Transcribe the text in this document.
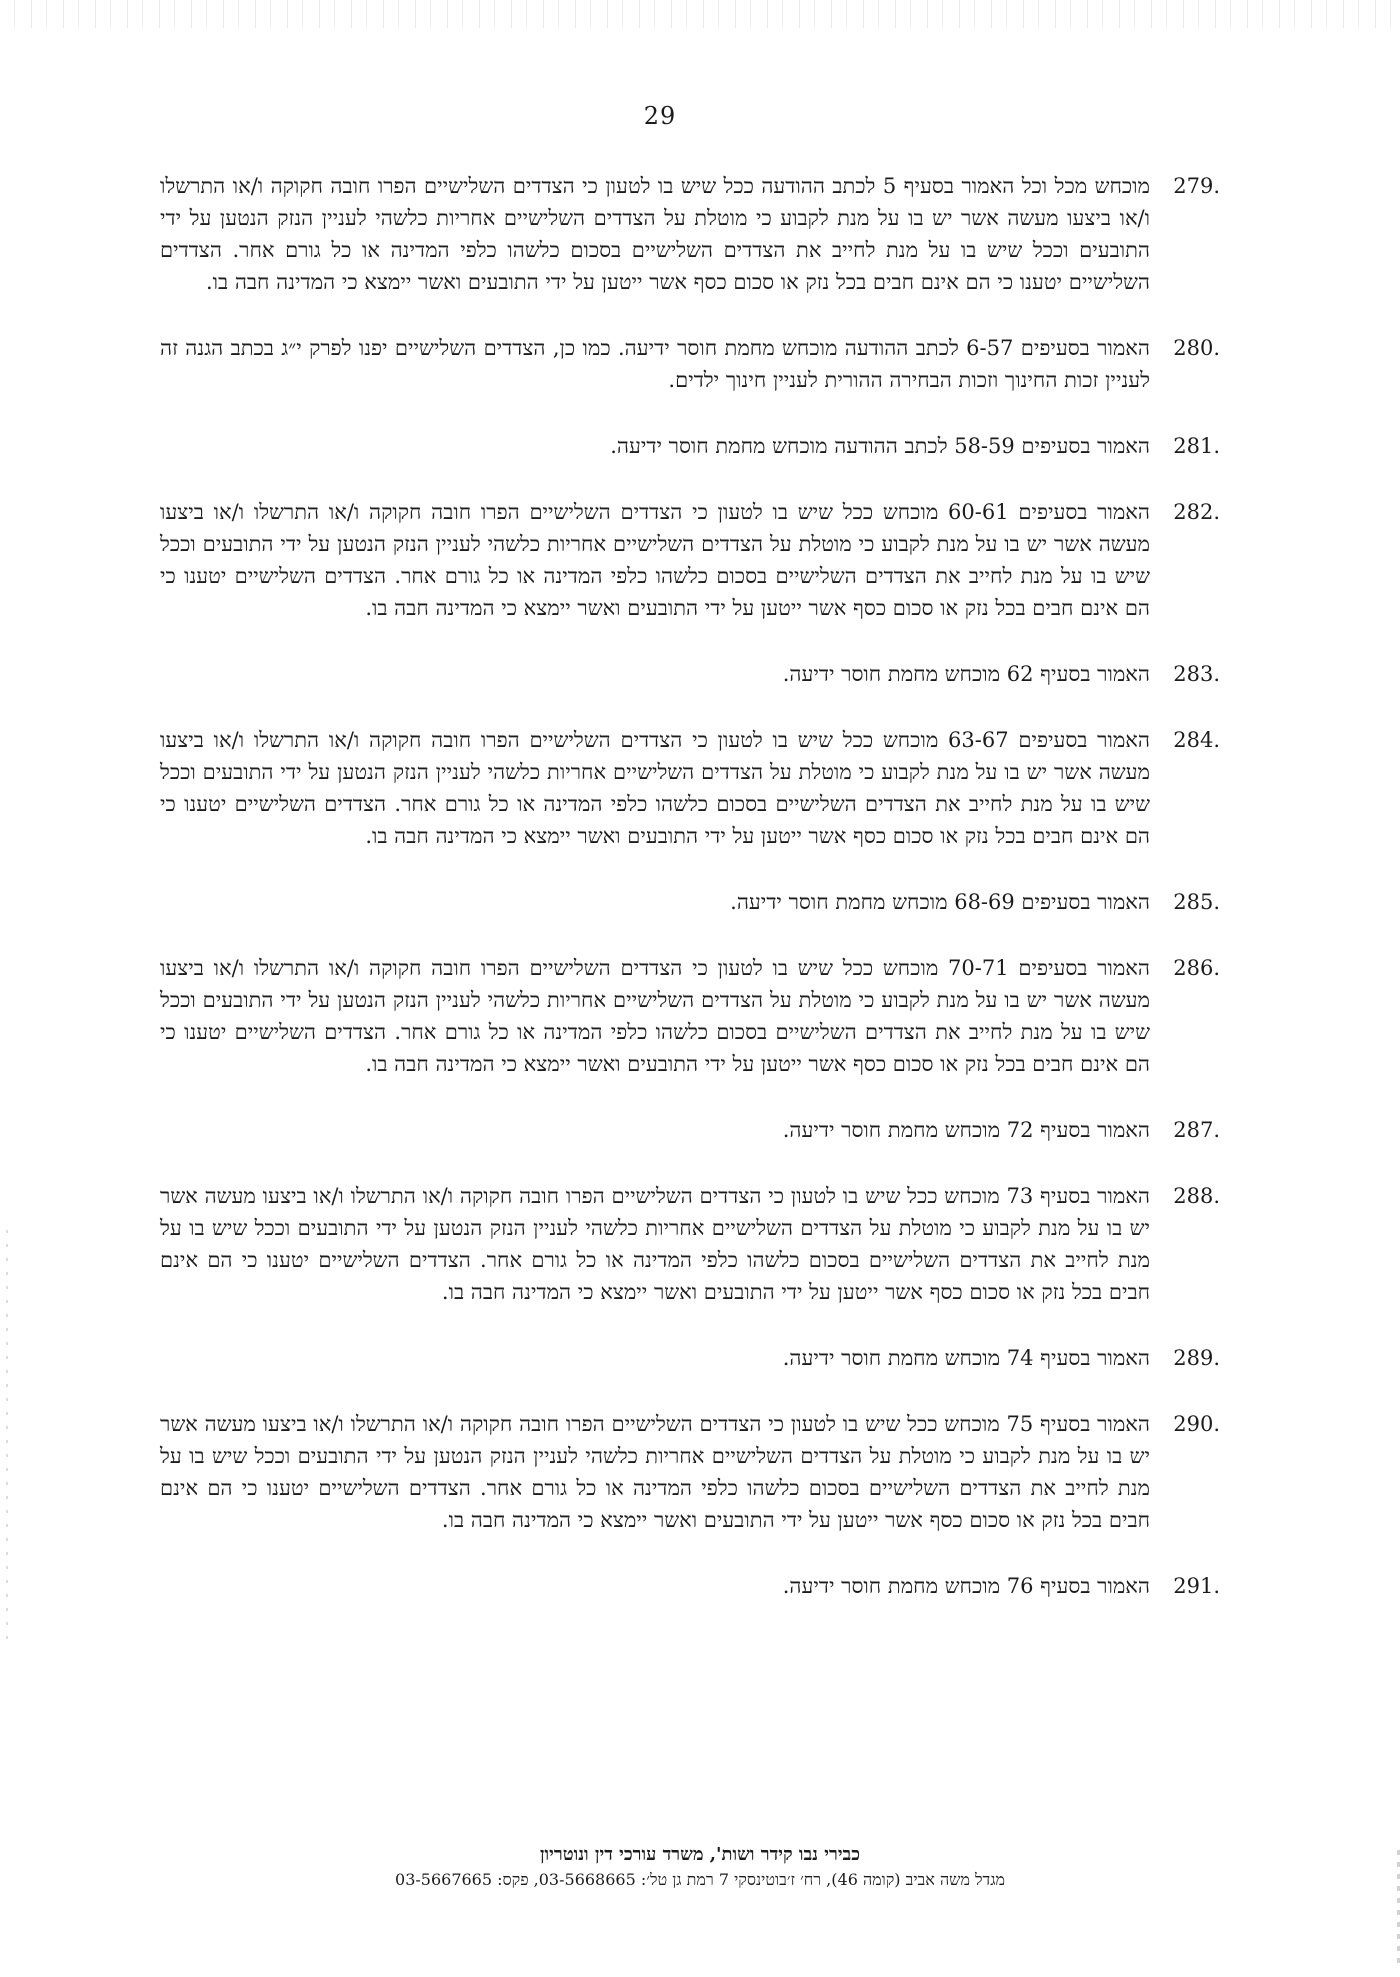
29
279.
מוכחש מכל וכל האמור בסעיף 5 לכתב ההודעה ככל שיש בו לטעון כי הצדדים השלישיים הפרו חובה חקוקה ו/או התרשלו ו/או ביצעו מעשה אשר יש בו על מנת לקבוע כי מוטלת על הצדדים השלישיים אחריות כלשהי לעניין הנזק הנטען על ידי התובעים וככל שיש בו על מנת לחייב את הצדדים השלישיים בסכום כלשהו כלפי המדינה או כל גורם אחר. הצדדים השלישיים יטענו כי הם אינם חבים בכל נזק או סכום כסף אשר ייטען על ידי התובעים ואשר יימצא כי המדינה חבה בו.
280.
האמור בסעיפים 6-57 לכתב ההודעה מוכחש מחמת חוסר ידיעה. כמו כן, הצדדים השלישיים יפנו לפרק י״ג בכתב הגנה זה לעניין זכות החינוך וזכות הבחירה ההורית לעניין חינוך ילדים.
281.
האמור בסעיפים 58-59 לכתב ההודעה מוכחש מחמת חוסר ידיעה.
282.
האמור בסעיפים 60-61 מוכחש ככל שיש בו לטעון כי הצדדים השלישיים הפרו חובה חקוקה ו/או התרשלו ו/או ביצעו מעשה אשר יש בו על מנת לקבוע כי מוטלת על הצדדים השלישיים אחריות כלשהי לעניין הנזק הנטען על ידי התובעים וככל שיש בו על מנת לחייב את הצדדים השלישיים בסכום כלשהו כלפי המדינה או כל גורם אחר. הצדדים השלישיים יטענו כי הם אינם חבים בכל נזק או סכום כסף אשר ייטען על ידי התובעים ואשר יימצא כי המדינה חבה בו.
283.
האמור בסעיף 62 מוכחש מחמת חוסר ידיעה.
284.
האמור בסעיפים 63-67 מוכחש ככל שיש בו לטעון כי הצדדים השלישיים הפרו חובה חקוקה ו/או התרשלו ו/או ביצעו מעשה אשר יש בו על מנת לקבוע כי מוטלת על הצדדים השלישיים אחריות כלשהי לעניין הנזק הנטען על ידי התובעים וככל שיש בו על מנת לחייב את הצדדים השלישיים בסכום כלשהו כלפי המדינה או כל גורם אחר. הצדדים השלישיים יטענו כי הם אינם חבים בכל נזק או סכום כסף אשר ייטען על ידי התובעים ואשר יימצא כי המדינה חבה בו.
285.
האמור בסעיפים 68-69 מוכחש מחמת חוסר ידיעה.
286.
האמור בסעיפים 70-71 מוכחש ככל שיש בו לטעון כי הצדדים השלישיים הפרו חובה חקוקה ו/או התרשלו ו/או ביצעו מעשה אשר יש בו על מנת לקבוע כי מוטלת על הצדדים השלישיים אחריות כלשהי לעניין הנזק הנטען על ידי התובעים וככל שיש בו על מנת לחייב את הצדדים השלישיים בסכום כלשהו כלפי המדינה או כל גורם אחר. הצדדים השלישיים יטענו כי הם אינם חבים בכל נזק או סכום כסף אשר ייטען על ידי התובעים ואשר יימצא כי המדינה חבה בו.
287.
האמור בסעיף 72 מוכחש מחמת חוסר ידיעה.
288.
האמור בסעיף 73 מוכחש ככל שיש בו לטעון כי הצדדים השלישיים הפרו חובה חקוקה ו/או התרשלו ו/או ביצעו מעשה אשר יש בו על מנת לקבוע כי מוטלת על הצדדים השלישיים אחריות כלשהי לעניין הנזק הנטען על ידי התובעים וככל שיש בו על מנת לחייב את הצדדים השלישיים בסכום כלשהו כלפי המדינה או כל גורם אחר. הצדדים השלישיים יטענו כי הם אינם חבים בכל נזק או סכום כסף אשר ייטען על ידי התובעים ואשר יימצא כי המדינה חבה בו.
289.
האמור בסעיף 74 מוכחש מחמת חוסר ידיעה.
290.
האמור בסעיף 75 מוכחש ככל שיש בו לטעון כי הצדדים השלישיים הפרו חובה חקוקה ו/או התרשלו ו/או ביצעו מעשה אשר יש בו על מנת לקבוע כי מוטלת על הצדדים השלישיים אחריות כלשהי לעניין הנזק הנטען על ידי התובעים וככל שיש בו על מנת לחייב את הצדדים השלישיים בסכום כלשהו כלפי המדינה או כל גורם אחר. הצדדים השלישיים יטענו כי הם אינם חבים בכל נזק או סכום כסף אשר ייטען על ידי התובעים ואשר יימצא כי המדינה חבה בו.
291.
האמור בסעיף 76 מוכחש מחמת חוסר ידיעה.
כבירי נבו קידר ושות', משרד עורכי דין ונוטריון
מגדל משה אביב (קומה 46), רח׳ ז׳בוטינסקי 7 רמת גן טל׳: 03-5668665, פקס: 03-5667665
